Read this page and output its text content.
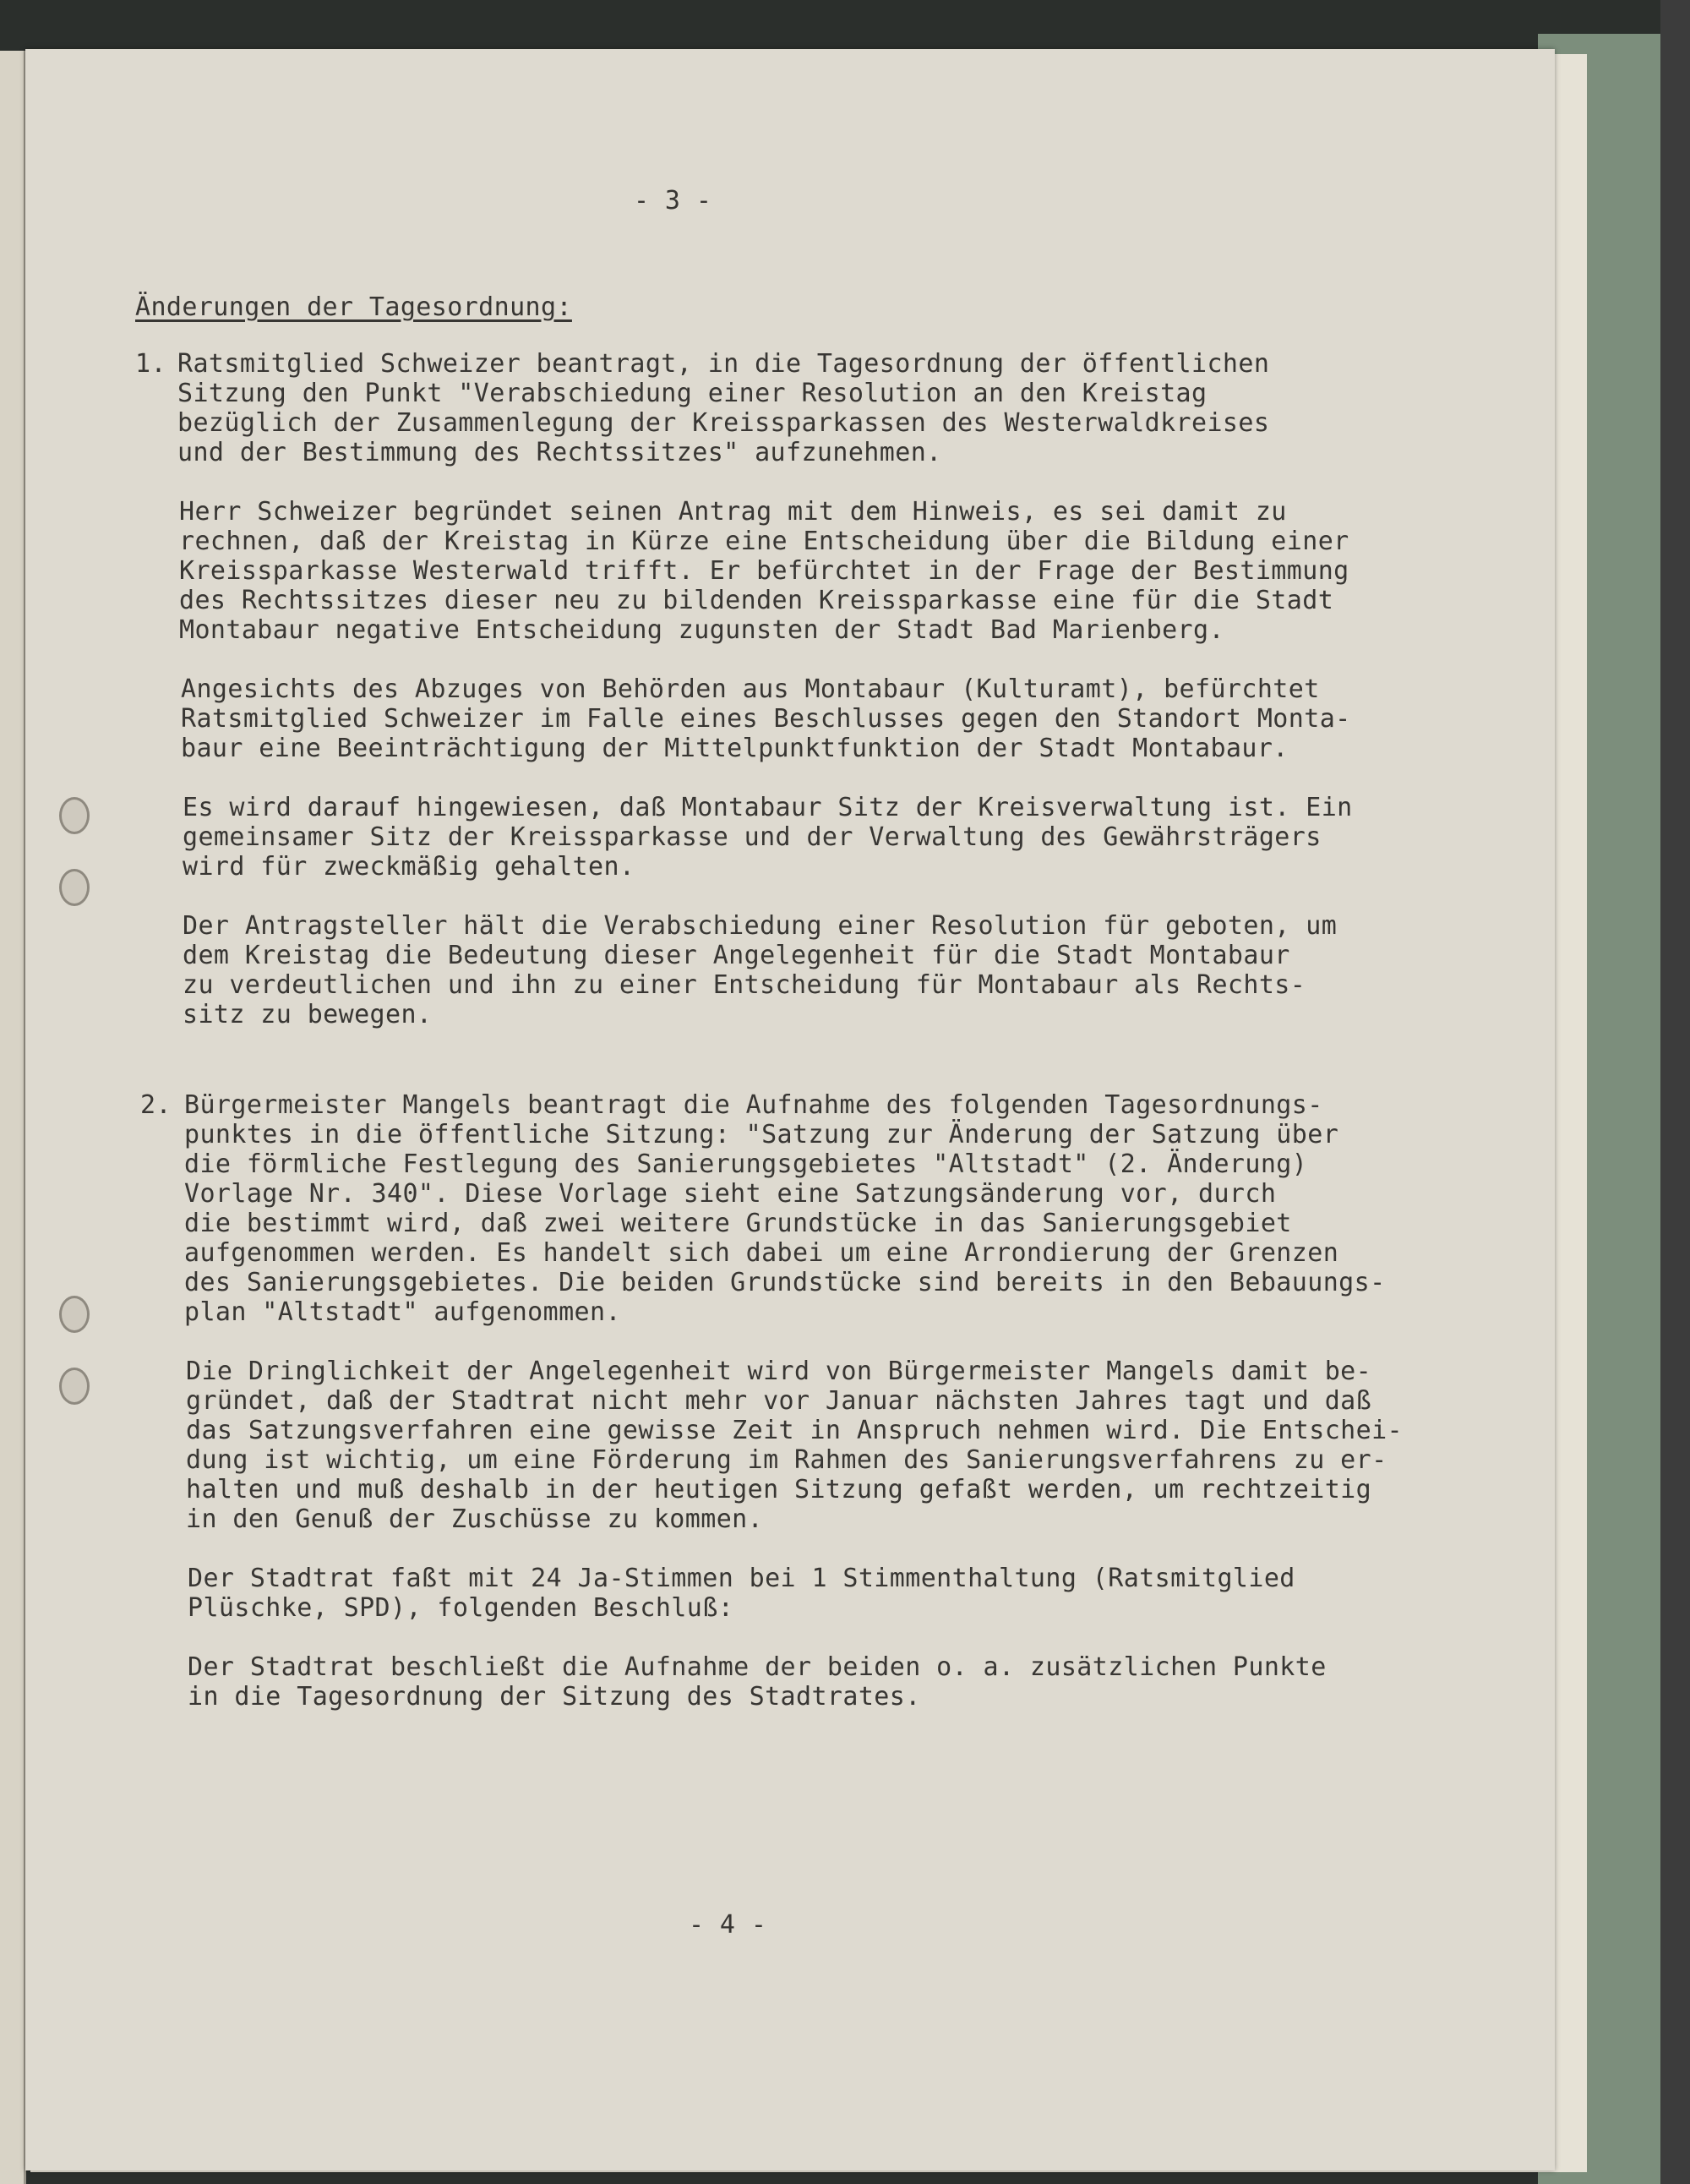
- 3 -
Änderungen der Tagesordnung:
1. Ratsmitglied Schweizer beantragt, in die Tagesordnung der öffentlichen
Sitzung den Punkt "Verabschiedung einer Resolution an den Kreistag
bezüglich der Zusammenlegung der Kreissparkassen des Westerwaldkreises
und der Bestimmung des Rechtssitzes" aufzunehmen.
Herr Schweizer begründet seinen Antrag mit dem Hinweis, es sei damit zu
rechnen, daß der Kreistag in Kürze eine Entscheidung über die Bildung einer
Kreissparkasse Westerwald trifft. Er befürchtet in der Frage der Bestimmung
des Rechtssitzes dieser neu zu bildenden Kreissparkasse eine für die Stadt
Montabaur negative Entscheidung zugunsten der Stadt Bad Marienberg.
Angesichts des Abzuges von Behörden aus Montabaur (Kulturamt), befürchtet
Ratsmitglied Schweizer im Falle eines Beschlusses gegen den Standort Monta-
baur eine Beeinträchtigung der Mittelpunktfunktion der Stadt Montabaur.
Es wird darauf hingewiesen, daß Montabaur Sitz der Kreisverwaltung ist. Ein
gemeinsamer Sitz der Kreissparkasse und der Verwaltung des Gewährsträgers
wird für zweckmäßig gehalten.
Der Antragsteller hält die Verabschiedung einer Resolution für geboten, um
dem Kreistag die Bedeutung dieser Angelegenheit für die Stadt Montabaur
zu verdeutlichen und ihn zu einer Entscheidung für Montabaur als Rechts-
sitz zu bewegen.
2. Bürgermeister Mangels beantragt die Aufnahme des folgenden Tagesordnungs-
punktes in die öffentliche Sitzung: "Satzung zur Änderung der Satzung über
die förmliche Festlegung des Sanierungsgebietes "Altstadt" (2. Änderung)
Vorlage Nr. 340". Diese Vorlage sieht eine Satzungsänderung vor, durch
die bestimmt wird, daß zwei weitere Grundstücke in das Sanierungsgebiet
aufgenommen werden. Es handelt sich dabei um eine Arrondierung der Grenzen
des Sanierungsgebietes. Die beiden Grundstücke sind bereits in den Bebauungs-
plan "Altstadt" aufgenommen.
Die Dringlichkeit der Angelegenheit wird von Bürgermeister Mangels damit be-
gründet, daß der Stadtrat nicht mehr vor Januar nächsten Jahres tagt und daß
das Satzungsverfahren eine gewisse Zeit in Anspruch nehmen wird. Die Entschei-
dung ist wichtig, um eine Förderung im Rahmen des Sanierungsverfahrens zu er-
halten und muß deshalb in der heutigen Sitzung gefaßt werden, um rechtzeitig
in den Genuß der Zuschüsse zu kommen.
Der Stadtrat faßt mit 24 Ja-Stimmen bei 1 Stimmenthaltung (Ratsmitglied
Plüschke, SPD), folgenden Beschluß:
Der Stadtrat beschließt die Aufnahme der beiden o. a. zusätzlichen Punkte
in die Tagesordnung der Sitzung des Stadtrates.
- 4 -
